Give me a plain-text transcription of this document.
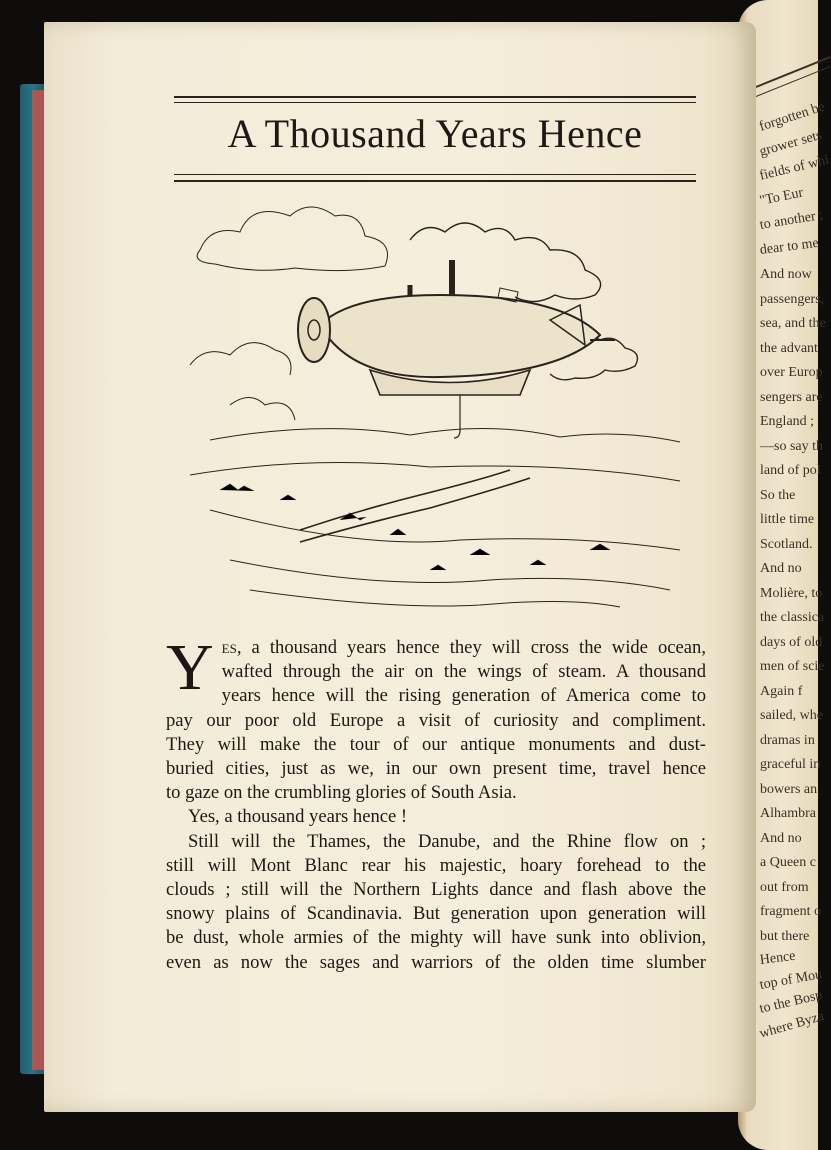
forgotten be
grower sets
fields of whi
"To Eur
to another ;
dear to me
And now
passengers,
sea, and the
the advant
over Europ
sengers are
England ;
—so say th
land of pol
So the
little time
Scotland.
And no
Molière, to
the classica
days of old
men of scie
Again f
sailed, whe
dramas in
graceful in
bowers an
Alhambra
And no
a Queen c
out from
fragment o
but there
Hence
top of Mou
to the Bosp
where Byza
A Thousand Years Hence
Y es, a thousand years hence they will cross the wide ocean,
wafted through the air on the wings of steam. A thousand
years hence will the rising generation of America come to
pay our poor old Europe a visit of curiosity and compliment.
They will make the tour of our antique monuments and dust-
buried cities, just as we, in our own present time, travel hence
to gaze on the crumbling glories of South Asia.
Yes, a thousand years hence !
Still will the Thames, the Danube, and the Rhine flow on ;
still will Mont Blanc rear his majestic, hoary forehead to the
clouds ; still will the Northern Lights dance and flash above the
snowy plains of Scandinavia. But generation upon generation will
be dust, whole armies of the mighty will have sunk into oblivion,
even as now the sages and warriors of the olden time slumber
